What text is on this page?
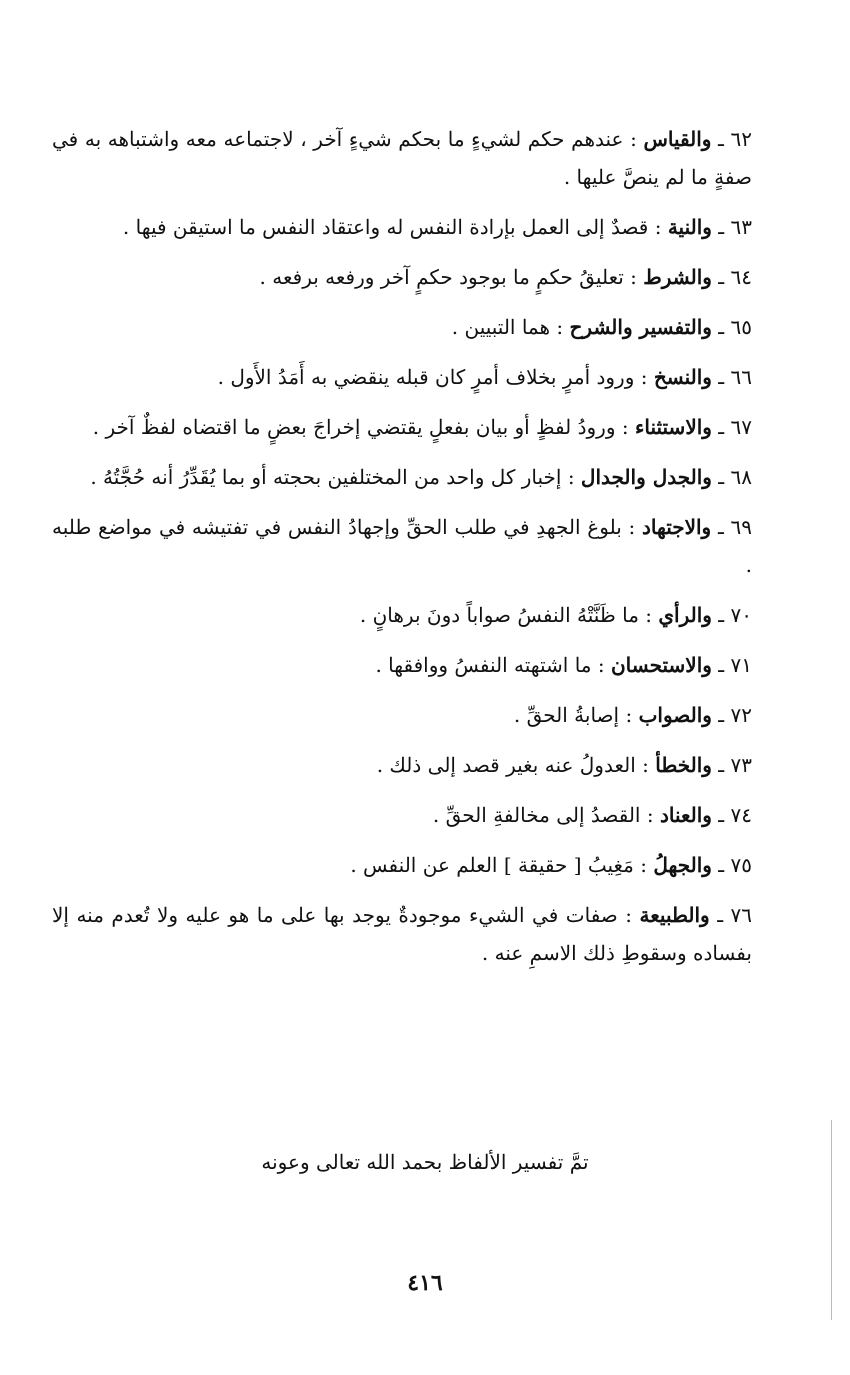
٦٢ ـ والقياس : عندهم حكم لشيءٍ ما بحكم شيءٍ آخر ، لاجتماعه معه واشتباهه به في صفةٍ ما لم ينصَّ عليها .

٦٣ ـ والنية : قصدٌ إلى العمل بإرادة النفس له واعتقاد النفس ما استيقن فيها .

٦٤ ـ والشرط : تعليقُ حكمٍ ما بوجود حكمٍ آخر ورفعه برفعه .

٦٥ ـ والتفسير والشرح : هما التبيين .

٦٦ ـ والنسخ : ورود أمرٍ بخلاف أمرٍ كان قبله ينقضي به أَمَدُ الأَول .

٦٧ ـ والاستثناء : ورودُ لفظٍ أو بيان بفعلٍ يقتضي إخراجَ بعضٍ ما اقتضاه لفظٌ آخر .

٦٨ ـ والجدل والجدال : إخبار كل واحد من المختلفين بحجته أو بما يُقَدِّرُ أنه حُجَّتُهُ .

٦٩ ـ والاجتهاد : بلوغ الجهدِ في طلب الحقِّ وإجهادُ النفس في تفتيشه في مواضع طلبه .

٧٠ ـ والرأي : ما ظَنَّتْهُ النفسُ صواباً دونَ برهانٍ .

٧١ ـ والاستحسان : ما اشتهته النفسُ ووافقها .

٧٢ ـ والصواب : إصابةُ الحقِّ .

٧٣ ـ والخطأ : العدولُ عنه بغير قصد إلى ذلك .

٧٤ ـ والعناد : القصدُ إلى مخالفةِ الحقِّ .

٧٥ ـ والجهلُ : مَغِيبُ [ حقيقة ] العلم عن النفس .

٧٦ ـ والطبيعة : صفات في الشيء موجودةٌ يوجد بها على ما هو عليه ولا تُعدم منه إلا بفساده وسقوطِ ذلك الاسمِ عنه .

تمَّ تفسير الألفاظ بحمد الله تعالى وعونه
٤١٦
